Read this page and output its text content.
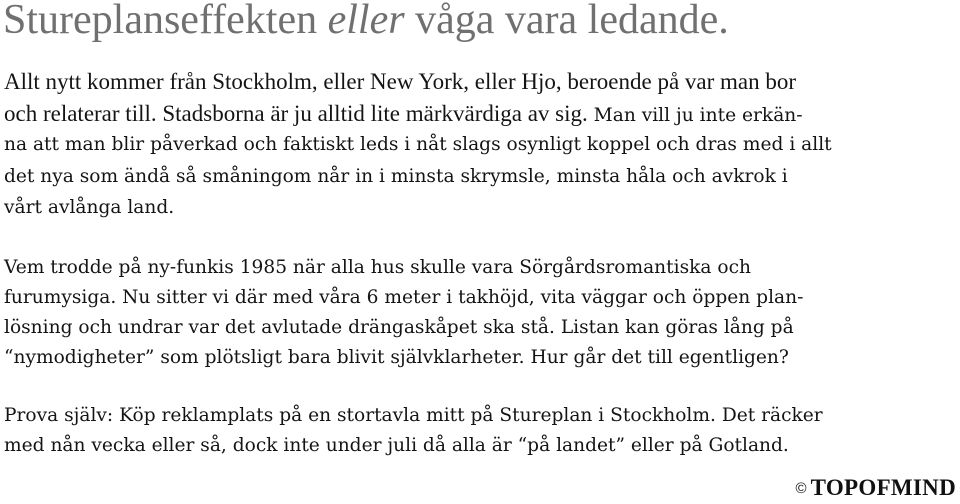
Stureplanseffekten eller våga vara ledande.
Allt nytt kommer från Stockholm, eller New York, eller Hjo, beroende på var man bor
och relaterar till. Stadsborna är ju alltid lite märkvärdiga av sig. Man vill ju inte erkän-
na att man blir påverkad och faktiskt leds i nåt slags osynligt koppel och dras med i allt
det nya som ändå så småningom når in i minsta skrymsle, minsta håla och avkrok i
vårt avlånga land.
Vem trodde på ny-funkis 1985 när alla hus skulle vara Sörgårdsromantiska och
furumysiga. Nu sitter vi där med våra 6 meter i takhöjd, vita väggar och öppen plan-
lösning och undrar var det avlutade drängaskåpet ska stå. Listan kan göras lång på
“nymodigheter” som plötsligt bara blivit självklarheter. Hur går det till egentligen?
Prova själv: Köp reklamplats på en stortavla mitt på Stureplan i Stockholm. Det räcker
med nån vecka eller så, dock inte under juli då alla är “på landet” eller på Gotland.
© TOPOFMIND
